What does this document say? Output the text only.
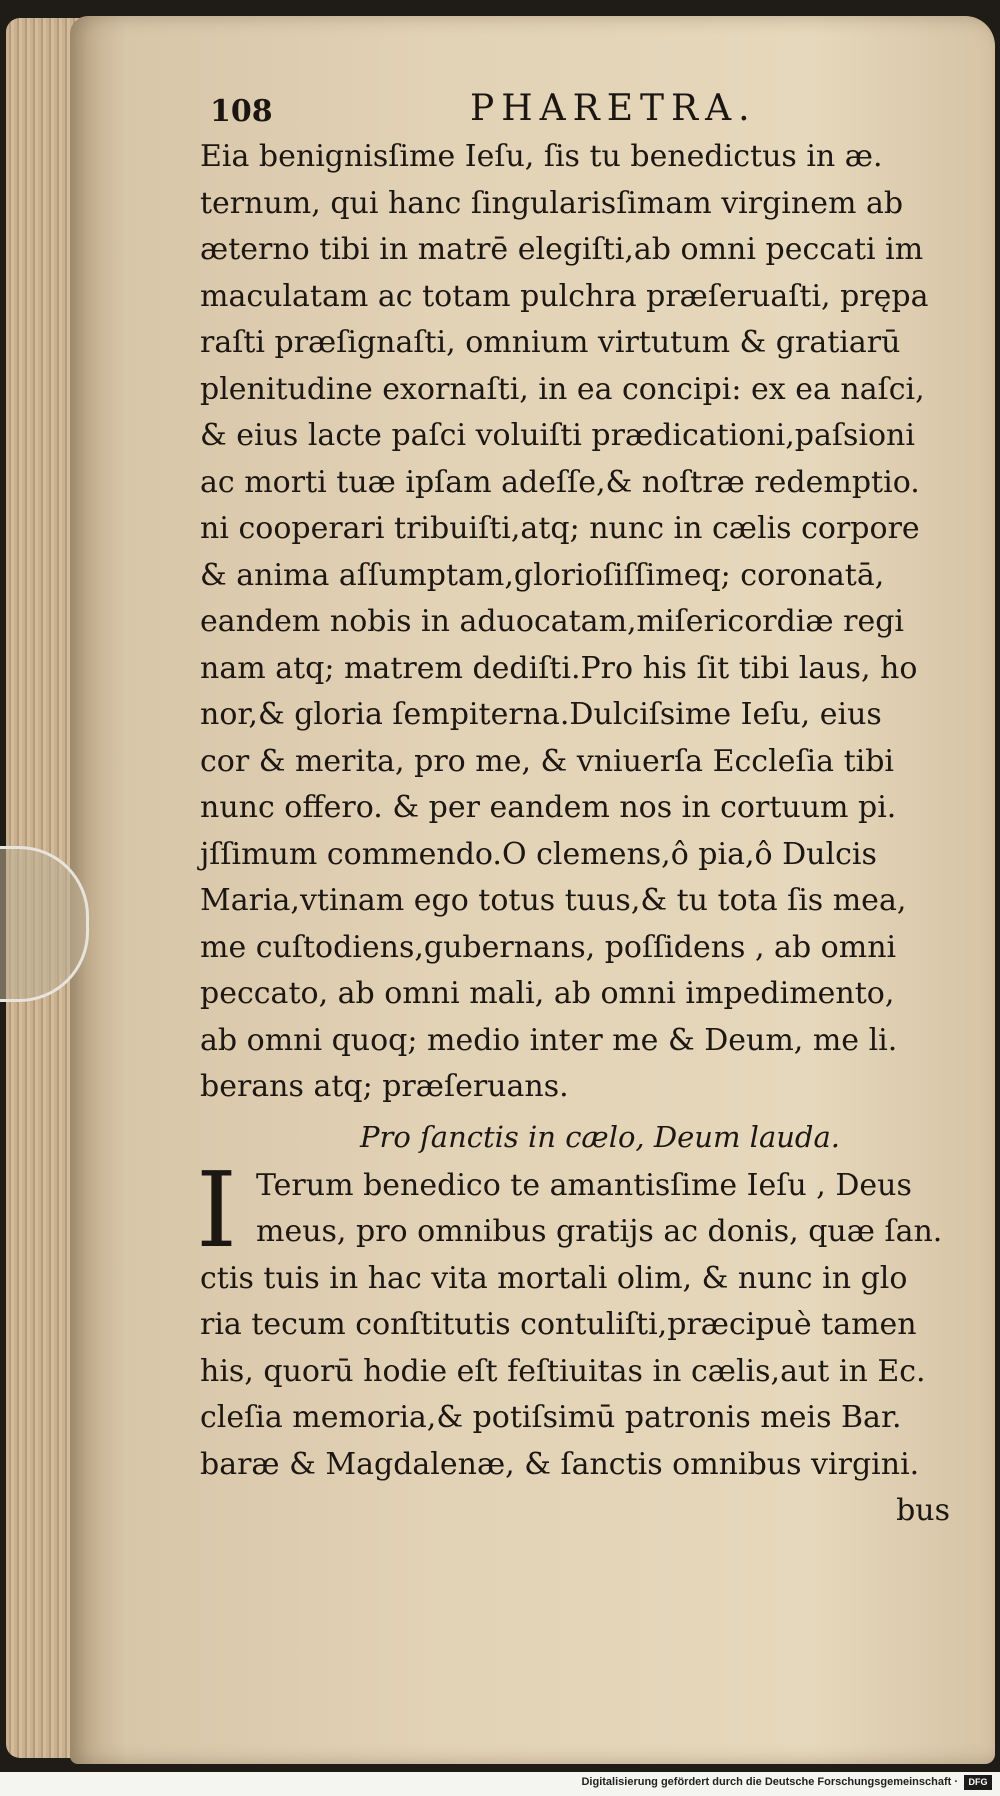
108	PHARETRA.
Eia benignisſime Ieſu, ſis tu benedictus in æ.
ternum, qui hanc ſingularisſimam virginem ab
æterno tibi in matrē elegiſti,ab omni peccati im
maculatam ac totam pulchra præſeruaſti, prępa
raſti præſignaſti, omnium virtutum & gratiarū
plenitudine exornaſti, in ea concipi: ex ea naſci,
& eius lacte paſci voluiſti prædicationi,paſsioni
ac morti tuæ ipſam adeſſe,& noſtræ redemptio.
ni cooperari tribuiſti,atq; nunc in cælis corpore
& anima aſſumptam,glorioſiſſimeq; coronatā,
eandem nobis in aduocatam,miſericordiæ regi
nam atq; matrem dediſti.Pro his ſit tibi laus, ho
nor,& gloria ſempiterna.Dulciſsime Ieſu, eius
cor & merita, pro me, & vniuerſa Eccleſia tibi
nunc offero. & per eandem nos in cortuum pi.
jſſimum commendo.O clemens,ô pia,ô Dulcis
Maria,vtinam ego totus tuus,& tu tota ſis mea,
me cuſtodiens,gubernans, poſſidens , ab omni
peccato, ab omni mali, ab omni impedimento,
ab omni quoq; medio inter me & Deum, me li.
berans atq; præſeruans.
Pro ſanctis in cælo, Deum lauda.
Terum benedico te amantisſime Ieſu , Deus
meus, pro omnibus gratijs ac donis, quæ ſan.
ctis tuis in hac vita mortali olim, & nunc in glo
ria tecum conſtitutis contuliſti,præcipuè tamen
his, quorū hodie eſt feſtiuitas in cælis,aut in Ec.
cleſia memoria,& potiſsimū patronis meis Bar.
baræ & Magdalenæ, & ſanctis omnibus virgini.
bus
I
Digitalisierung gefördert durch die Deutsche Forschungsgemeinschaft ·	DFG
